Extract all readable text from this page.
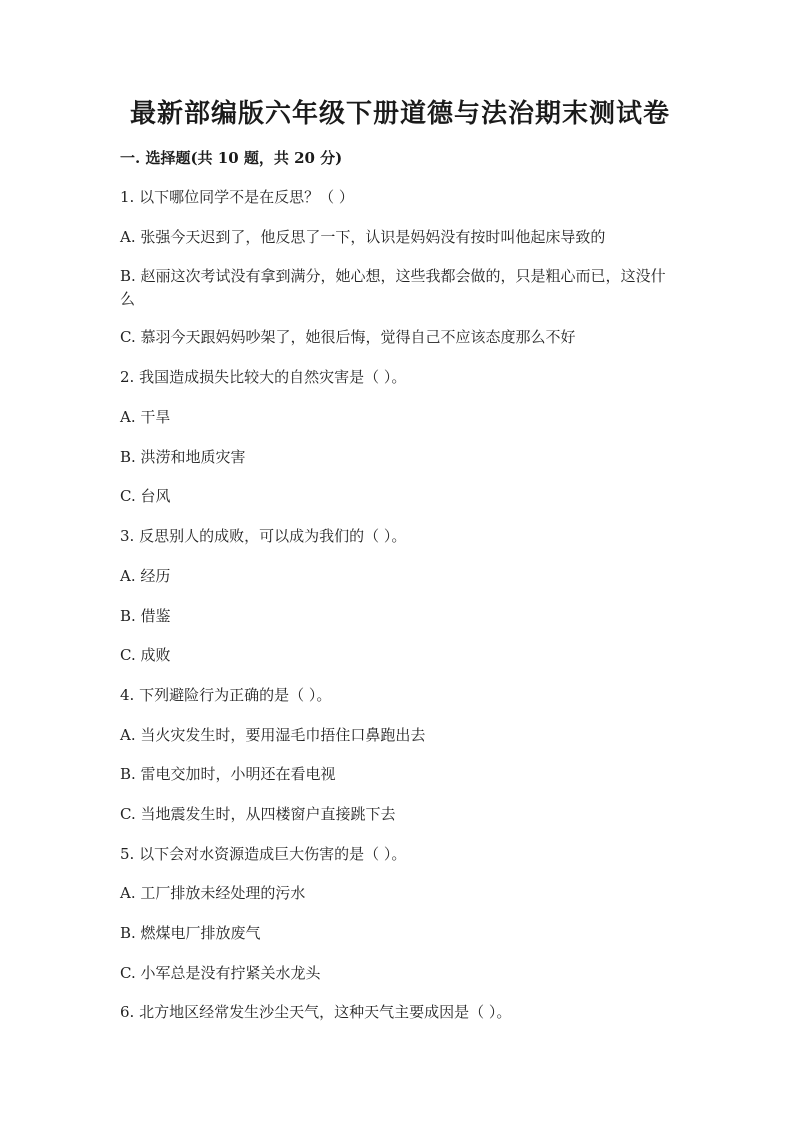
最新部编版六年级下册道德与法治期末测试卷
一. 选择题(共 10 题，共 20 分)
1. 以下哪位同学不是在反思？（ ）
A. 张强今天迟到了，他反思了一下，认识是妈妈没有按时叫他起床导致的
B. 赵丽这次考试没有拿到满分，她心想，这些我都会做的，只是粗心而已，这没什么
C. 慕羽今天跟妈妈吵架了，她很后悔，觉得自己不应该态度那么不好
2. 我国造成损失比较大的自然灾害是（ ）。
A. 干旱
B. 洪涝和地质灾害
C. 台风
3. 反思别人的成败，可以成为我们的（ ）。
A. 经历
B. 借鉴
C. 成败
4. 下列避险行为正确的是（ ）。
A. 当火灾发生时，要用湿毛巾捂住口鼻跑出去
B. 雷电交加时，小明还在看电视
C. 当地震发生时，从四楼窗户直接跳下去
5. 以下会对水资源造成巨大伤害的是（ ）。
A. 工厂排放未经处理的污水
B. 燃煤电厂排放废气
C. 小军总是没有拧紧关水龙头
6. 北方地区经常发生沙尘天气，这种天气主要成因是（ ）。
